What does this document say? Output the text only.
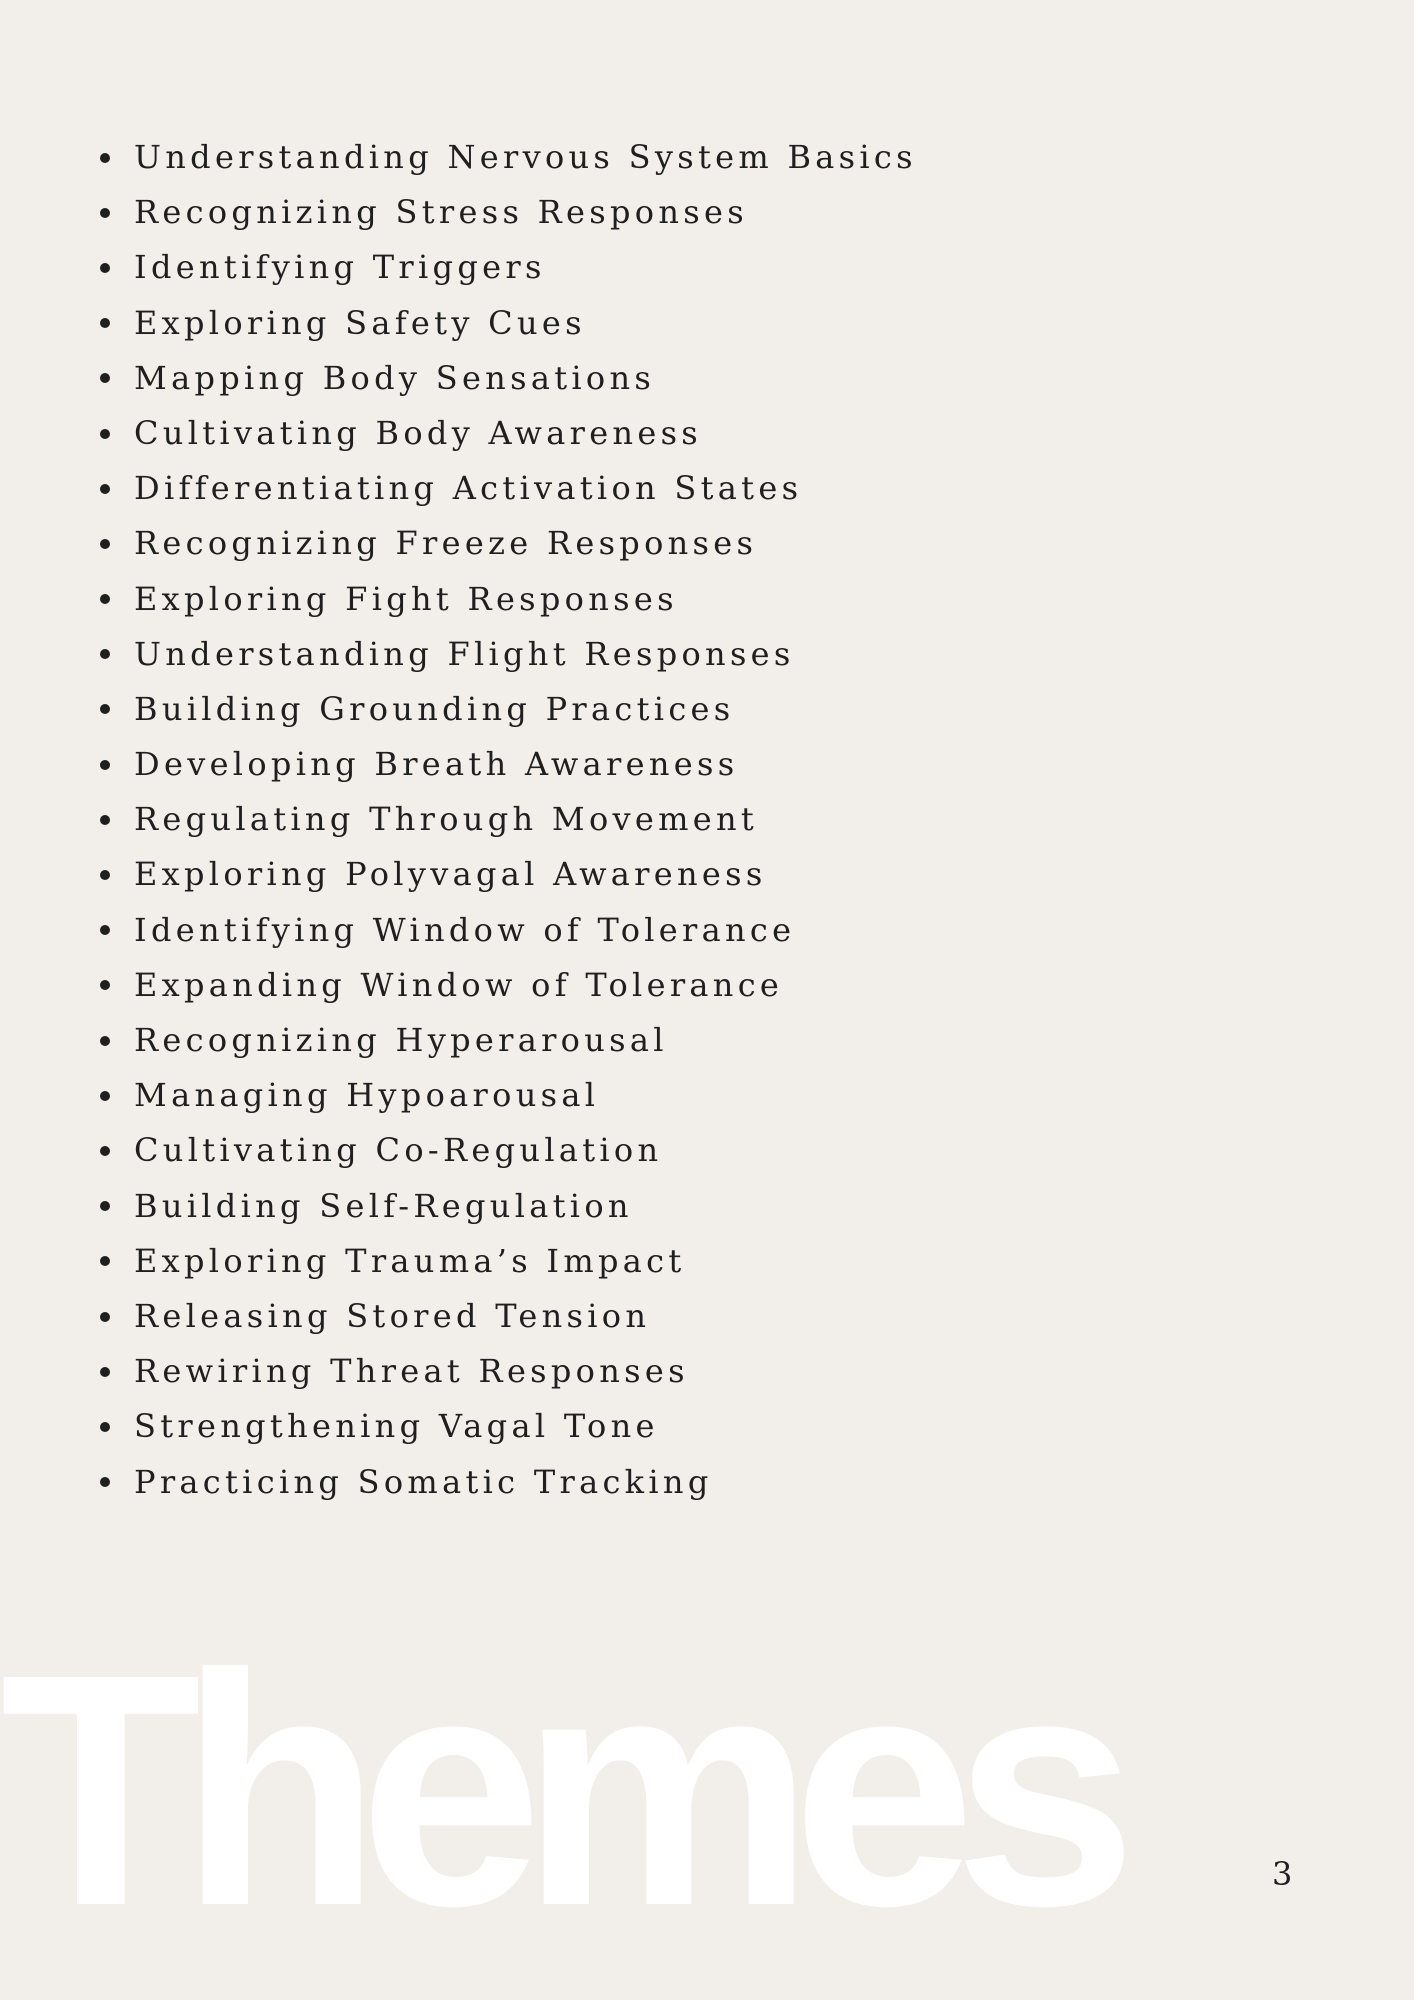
Understanding Nervous System Basics
Recognizing Stress Responses
Identifying Triggers
Exploring Safety Cues
Mapping Body Sensations
Cultivating Body Awareness
Differentiating Activation States
Recognizing Freeze Responses
Exploring Fight Responses
Understanding Flight Responses
Building Grounding Practices
Developing Breath Awareness
Regulating Through Movement
Exploring Polyvagal Awareness
Identifying Window of Tolerance
Expanding Window of Tolerance
Recognizing Hyperarousal
Managing Hypoarousal
Cultivating Co-Regulation
Building Self-Regulation
Exploring Trauma’s Impact
Releasing Stored Tension
Rewiring Threat Responses
Strengthening Vagal Tone
Practicing Somatic Tracking
Themes	3
